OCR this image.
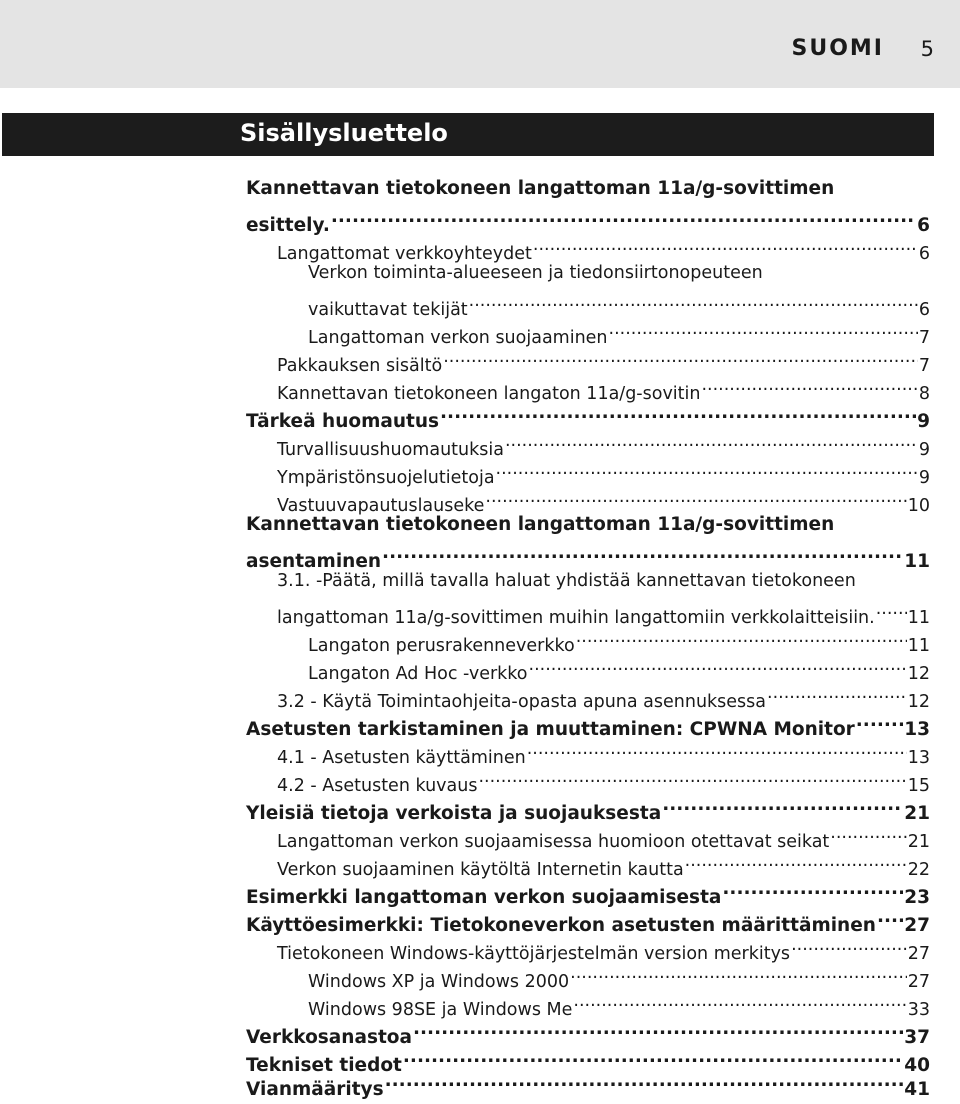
SUOMI 5
Sisällysluettelo
Kannettavan tietokoneen langattoman 11a/g-sovittimen
esittely. .....	6
Langattomat verkkoyhteydet .....	6
Verkon toiminta-alueeseen ja tiedonsiirtonopeuteen
vaikuttavat tekijät .....	6
Langattoman verkon suojaaminen .....	7
Pakkauksen sisältö .....	7
Kannettavan tietokoneen langaton 11a/g-sovitin .....	8
Tärkeä huomautus .....	9
Turvallisuushuomautuksia .....	9
Ympäristönsuojelutietoja .....	9
Vastuuvapautuslauseke .....	10
Kannettavan tietokoneen langattoman 11a/g-sovittimen
asentaminen .....	11
3.1. -Päätä, millä tavalla haluat yhdistää kannettavan tietokoneen
langattoman 11a/g-sovittimen muihin langattomiin verkkolaitteisiin. ..... 11
Langaton perusrakenneverkko .....	11
Langaton Ad Hoc -verkko .....	12
3.2 - Käytä Toimintaohjeita-opasta apuna asennuksessa .....	12
Asetusten tarkistaminen ja muuttaminen: CPWNA Monitor .....	13
4.1 - Asetusten käyttäminen .....	13
4.2 - Asetusten kuvaus .....	15
Yleisiä tietoja verkoista ja suojauksesta .....	21
Langattoman verkon suojaamisessa huomioon otettavat seikat .....	21
Verkon suojaaminen käytöltä Internetin kautta .....	22
Esimerkki langattoman verkon suojaamisesta .....	23
Käyttöesimerkki: Tietokoneverkon asetusten määrittäminen ..... 27
Tietokoneen Windows-käyttöjärjestelmän version merkitys .....	27
Windows XP ja Windows 2000 .....	27
Windows 98SE ja Windows Me .....	33
Verkkosanastoa .....	37
Tekniset tiedot .....	40
Vianmääritys .....	41
